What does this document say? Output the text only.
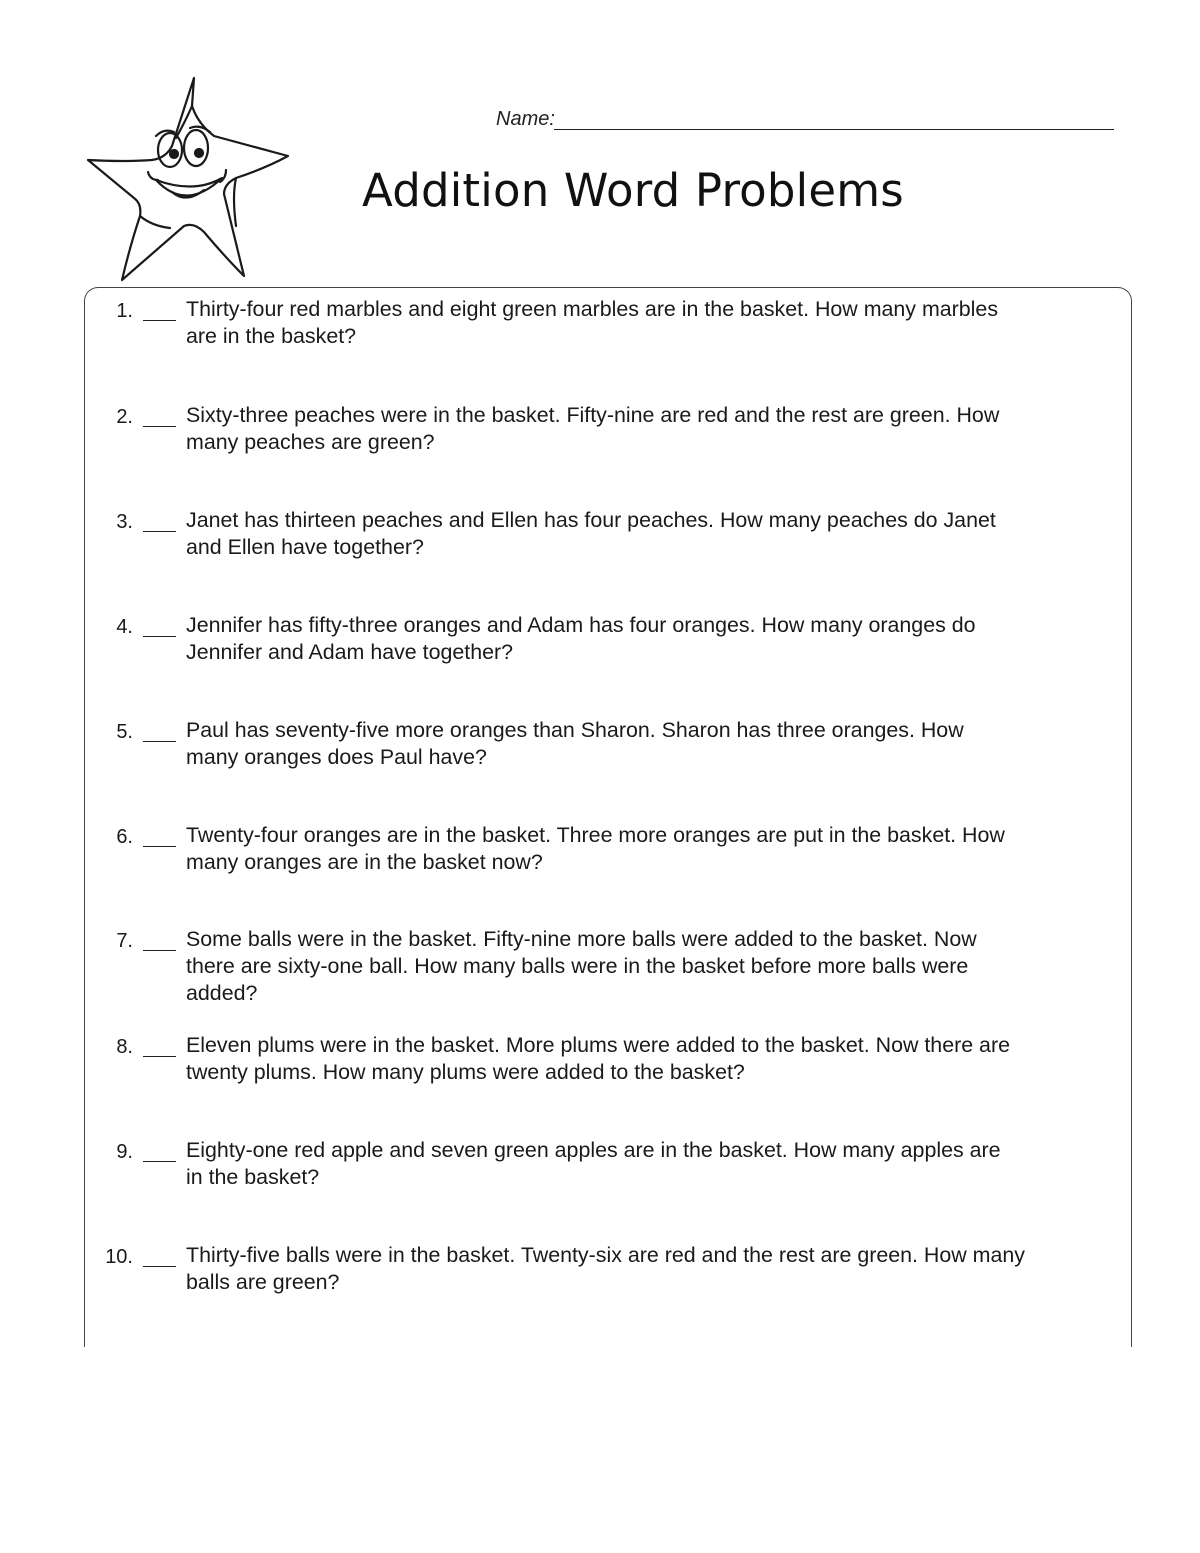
Name:
Addition Word Problems
1. Thirty-four red marbles and eight green marbles are in the basket. How many marbles
are in the basket?
2. Sixty-three peaches were in the basket. Fifty-nine are red and the rest are green. How
many peaches are green?
3. Janet has thirteen peaches and Ellen has four peaches. How many peaches do Janet
and Ellen have together?
4. Jennifer has fifty-three oranges and Adam has four oranges. How many oranges do
Jennifer and Adam have together?
5. Paul has seventy-five more oranges than Sharon. Sharon has three oranges. How
many oranges does Paul have?
6. Twenty-four oranges are in the basket. Three more oranges are put in the basket. How
many oranges are in the basket now?
7. Some balls were in the basket. Fifty-nine more balls were added to the basket. Now
there are sixty-one ball. How many balls were in the basket before more balls were
added?
8. Eleven plums were in the basket. More plums were added to the basket. Now there are
twenty plums. How many plums were added to the basket?
9. Eighty-one red apple and seven green apples are in the basket. How many apples are
in the basket?
10. Thirty-five balls were in the basket. Twenty-six are red and the rest are green. How many
balls are green?
